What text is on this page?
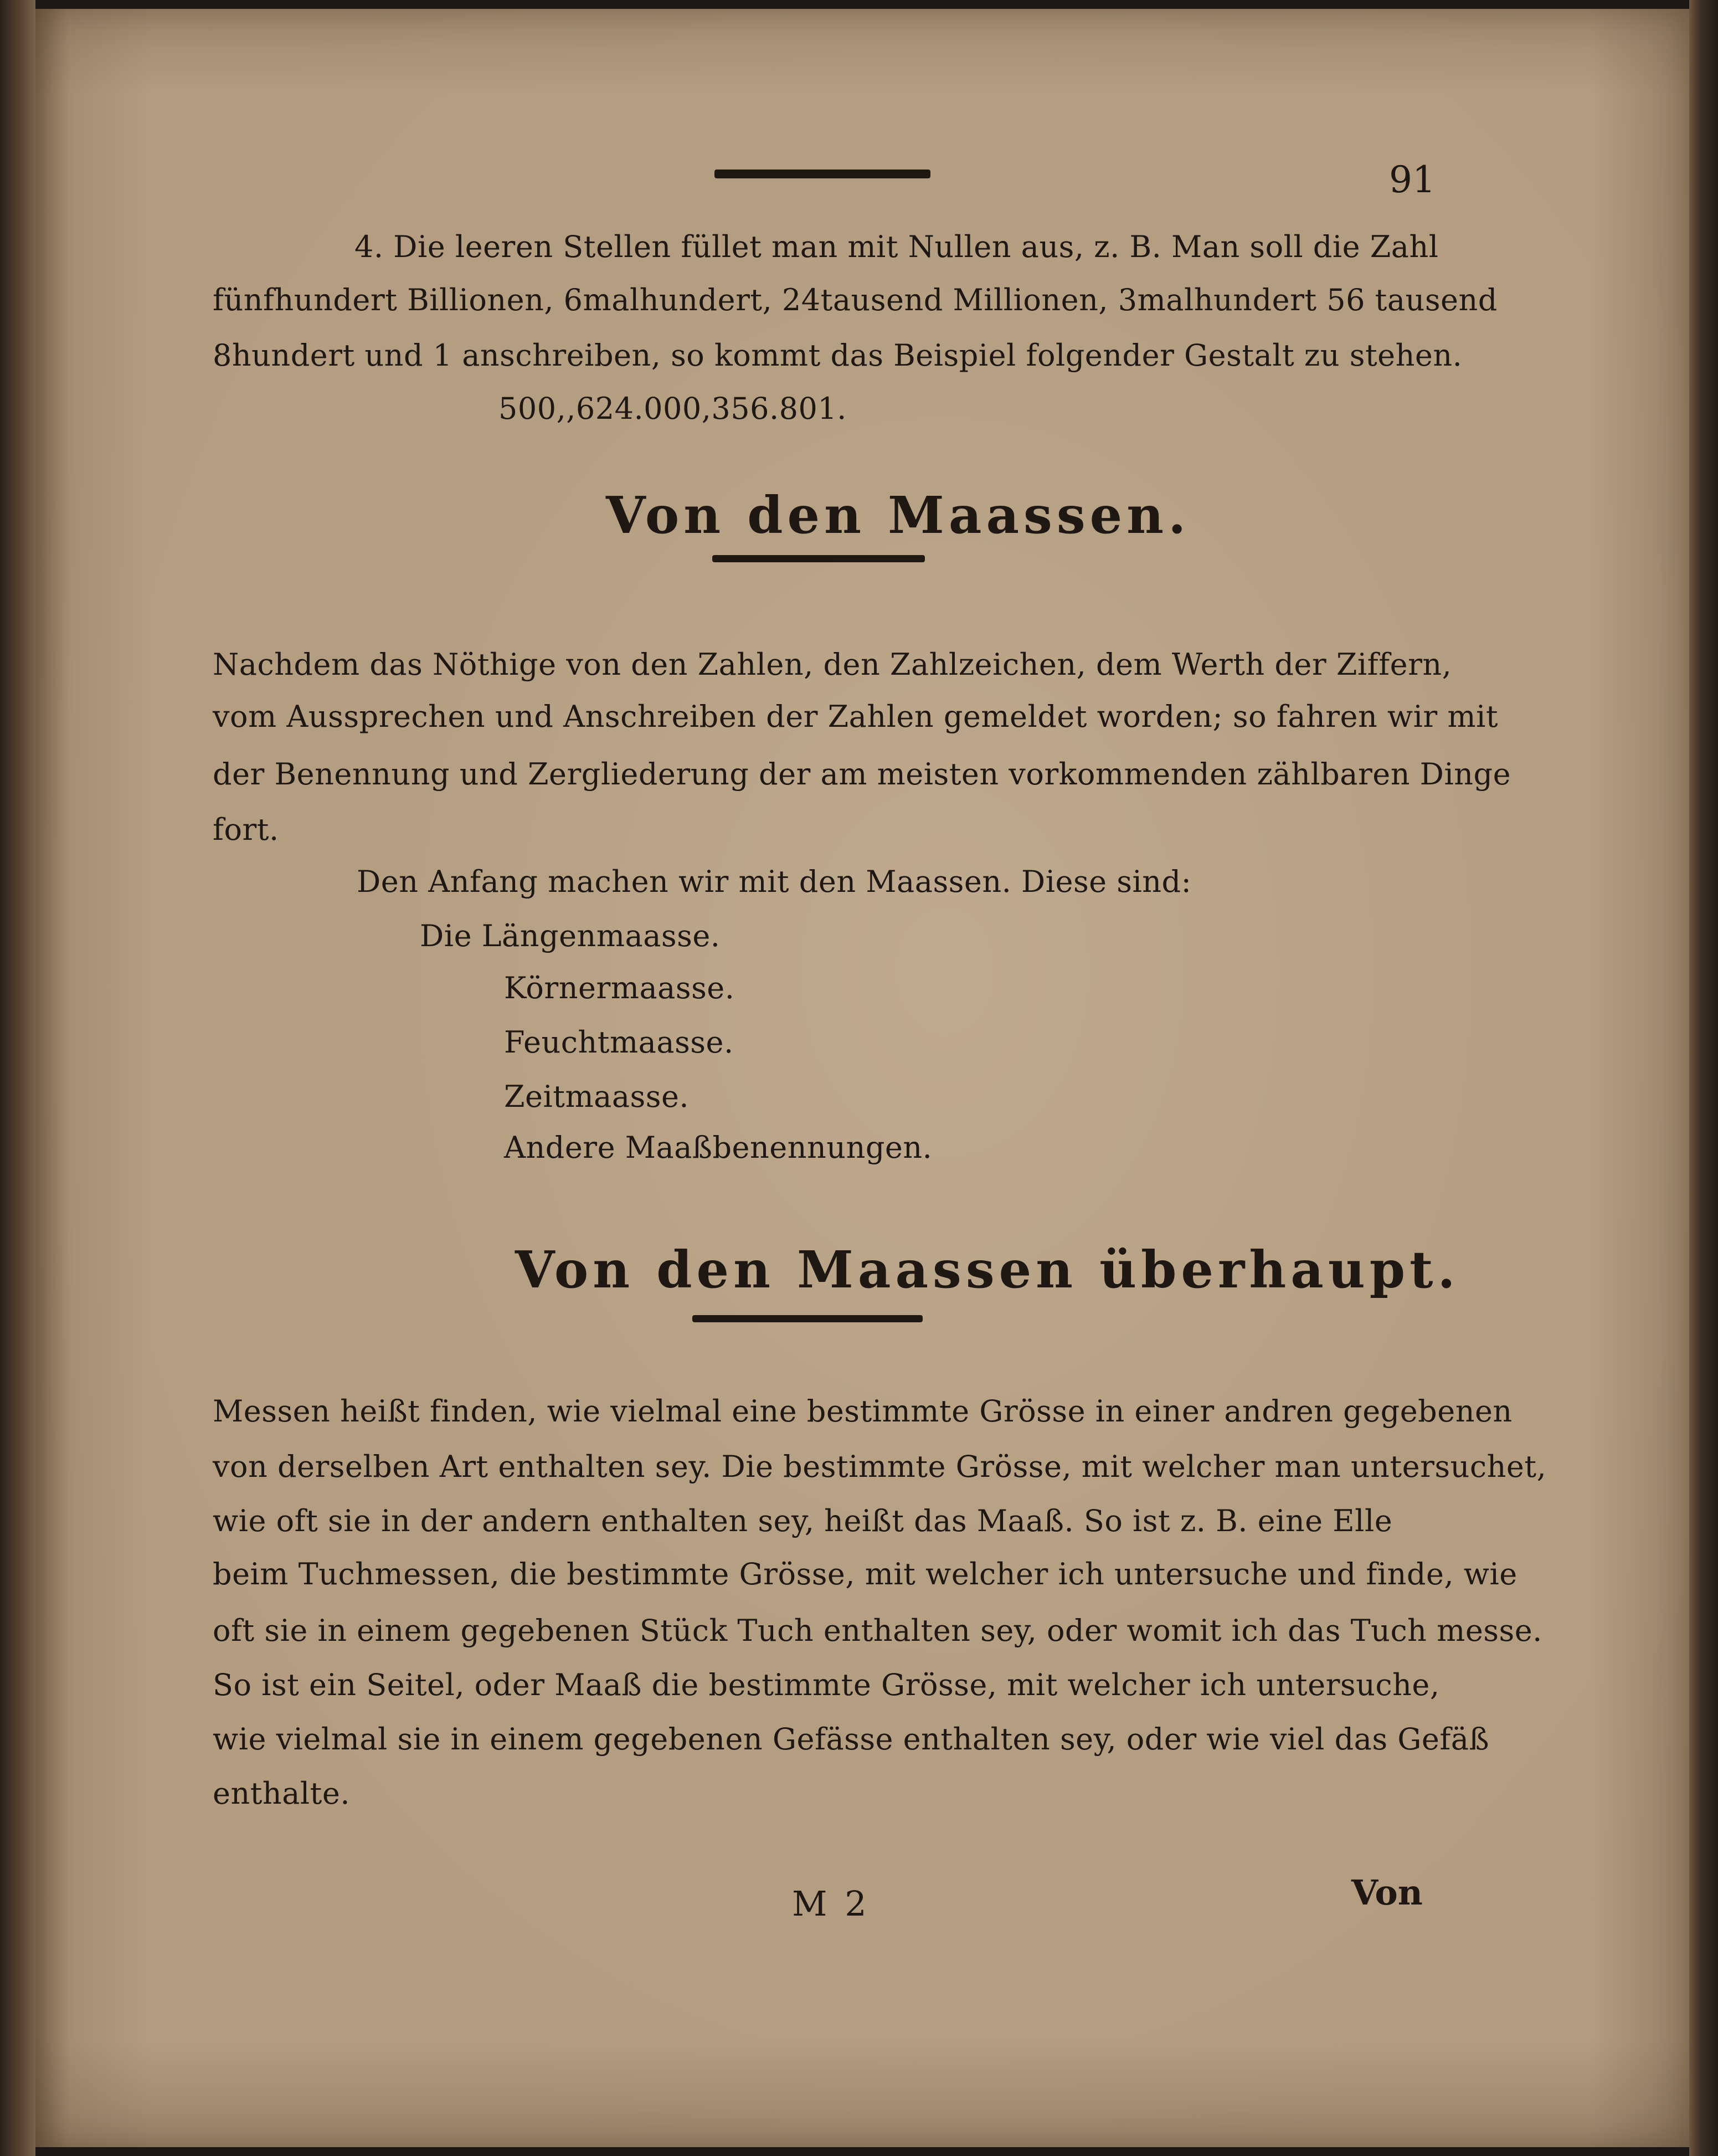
91
4. Die leeren Stellen füllet man mit Nullen aus, z. B. Man soll die Zahl
fünfhundert Billionen, 6malhundert, 24tausend Millionen, 3malhundert 56 tausend
8hundert und 1 anschreiben, so kommt das Beispiel folgender Gestalt zu stehen.
500,,624.000,356.801.
Von den Maassen.
Nachdem das Nöthige von den Zahlen, den Zahlzeichen, dem Werth der Ziffern,
vom Aussprechen und Anschreiben der Zahlen gemeldet worden; so fahren wir mit
der Benennung und Zergliederung der am meisten vorkommenden zählbaren Dinge
fort.
Den Anfang machen wir mit den Maassen. Diese sind:
Die Längenmaasse.
Körnermaasse.
Feuchtmaasse.
Zeitmaasse.
Andere Maaßbenennungen.
Von den Maassen überhaupt.
Messen heißt finden, wie vielmal eine bestimmte Grösse in einer andren gegebenen
von derselben Art enthalten sey. Die bestimmte Grösse, mit welcher man untersuchet,
wie oft sie in der andern enthalten sey, heißt das Maaß. So ist z. B. eine Elle
beim Tuchmessen, die bestimmte Grösse, mit welcher ich untersuche und finde, wie
oft sie in einem gegebenen Stück Tuch enthalten sey, oder womit ich das Tuch messe.
So ist ein Seitel, oder Maaß die bestimmte Grösse, mit welcher ich untersuche,
wie vielmal sie in einem gegebenen Gefässe enthalten sey, oder wie viel das Gefäß
enthalte.
M 2	Von
